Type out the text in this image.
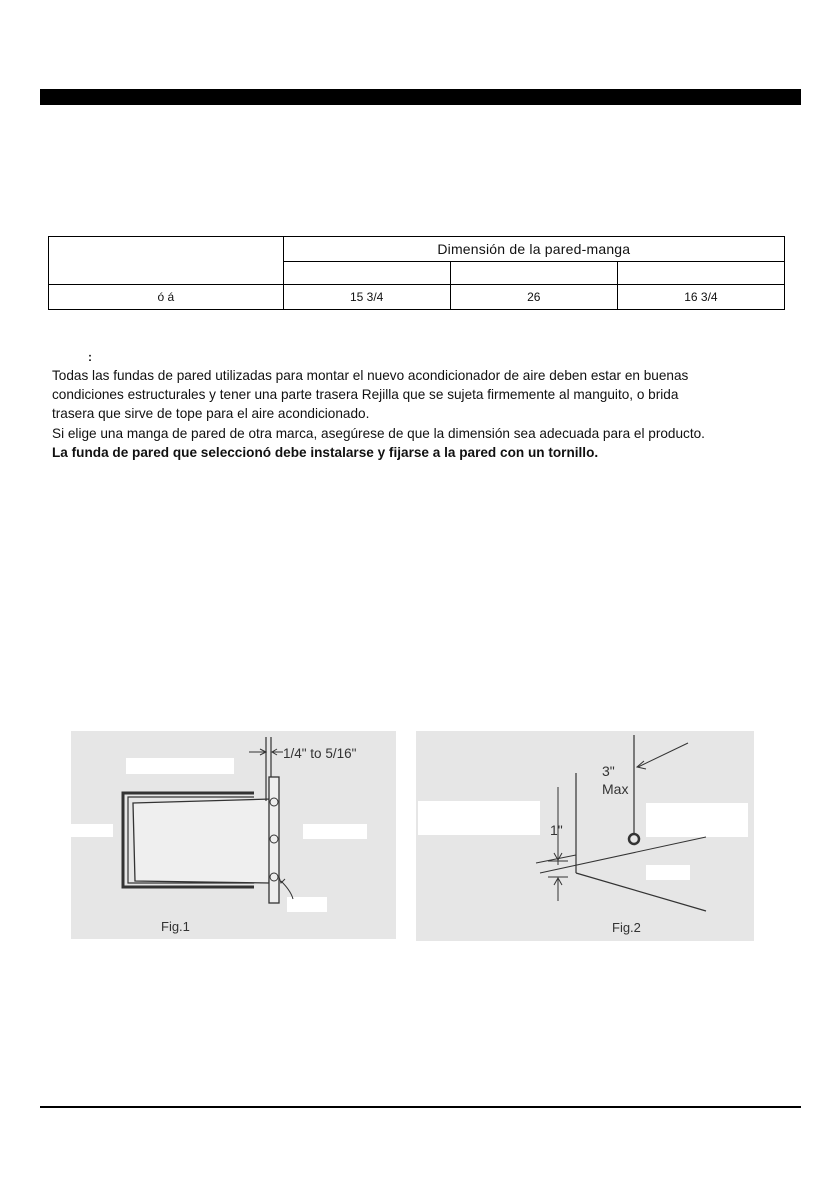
	Dimensión de la pared-manga		

ó á	15 3/4	26	16 3/4
:

Todas las fundas de pared utilizadas para montar el nuevo acondicionador de aire deben estar en buenas

condiciones estructurales y tener una parte trasera Rejilla que se sujeta firmemente al manguito, o brida

trasera que sirve de tope para el aire acondicionado.

Si elige una manga de pared de otra marca, asegúrese de que la dimensión sea adecuada para el producto.

La funda de pared que seleccionó debe instalarse y fijarse a la pared con un tornillo.

1/4" to 5/16"
Fig.1
3"
Max
1"
Fig.2
